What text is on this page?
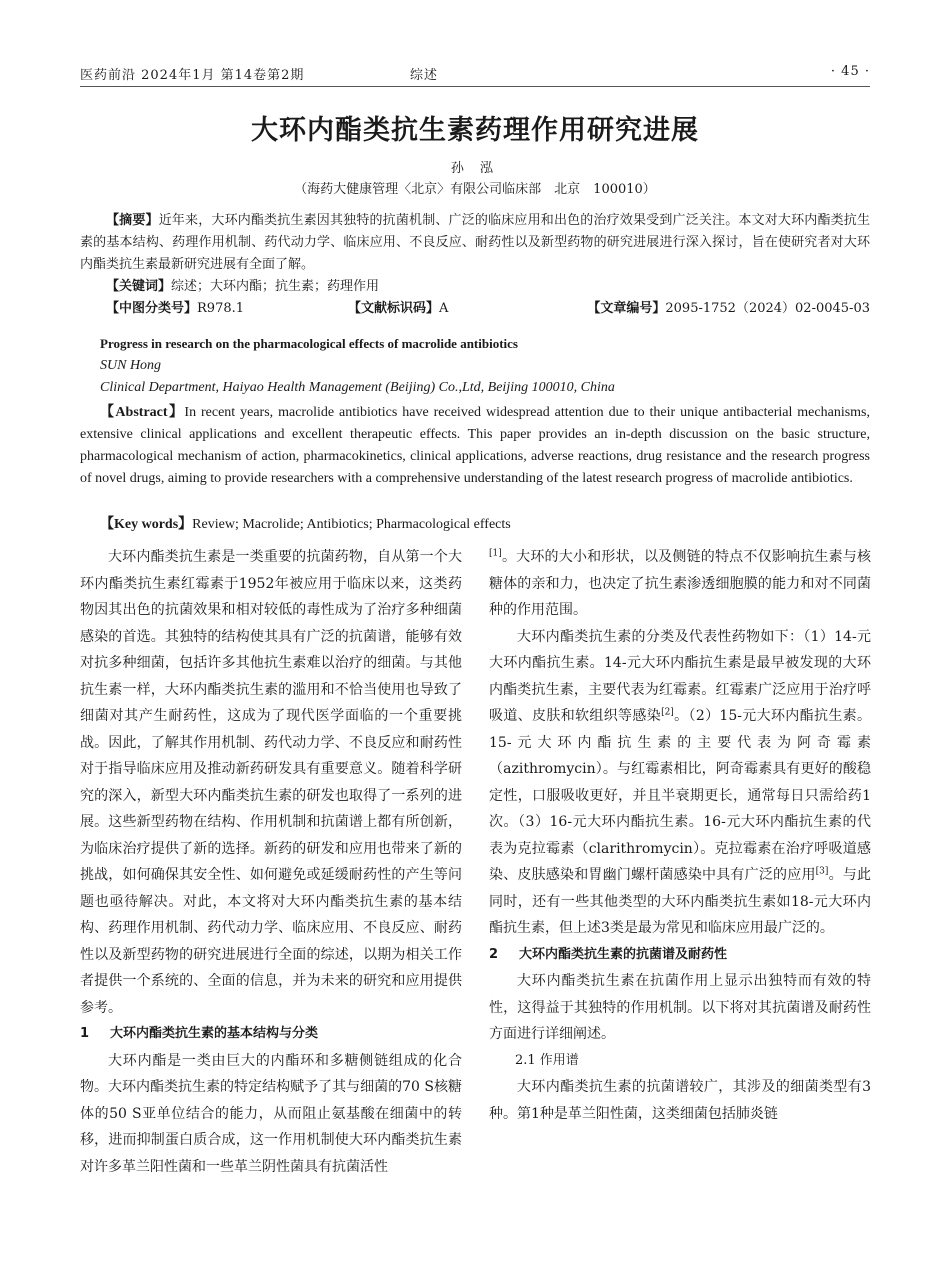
医药前沿 2024年1月 第14卷第2期	综述	· 45 ·
大环内酯类抗生素药理作用研究进展
孙 泓
（海药大健康管理〈北京〉有限公司临床部　北京　100010）
【摘要】近年来，大环内酯类抗生素因其独特的抗菌机制、广泛的临床应用和出色的治疗效果受到广泛关注。本文对大环内酯类抗生素的基本结构、药理作用机制、药代动力学、临床应用、不良反应、耐药性以及新型药物的研究进展进行深入探讨，旨在使研究者对大环内酯类抗生素最新研究进展有全面了解。
【关键词】综述；大环内酯；抗生素；药理作用
【中图分类号】R978.1	【文献标识码】A	【文章编号】2095-1752（2024）02-0045-03
Progress in research on the pharmacological effects of macrolide antibiotics
SUN Hong
Clinical Department, Haiyao Health Management (Beijing) Co.,Ltd, Beijing 100010, China
【Abstract】In recent years, macrolide antibiotics have received widespread attention due to their unique antibacterial mechanisms, extensive clinical applications and excellent therapeutic effects. This paper provides an in-depth discussion on the basic structure, pharmacological mechanism of action, pharmacokinetics, clinical applications, adverse reactions, drug resistance and the research progress of novel drugs, aiming to provide researchers with a comprehensive understanding of the latest research progress of macrolide antibiotics.
【Key words】Review; Macrolide; Antibiotics; Pharmacological effects

大环内酯类抗生素是一类重要的抗菌药物，自从第一个大环内酯类抗生素红霉素于1952年被应用于临床以来，这类药物因其出色的抗菌效果和相对较低的毒性成为了治疗多种细菌感染的首选。其独特的结构使其具有广泛的抗菌谱，能够有效对抗多种细菌，包括许多其他抗生素难以治疗的细菌。与其他抗生素一样，大环内酯类抗生素的滥用和不恰当使用也导致了细菌对其产生耐药性，这成为了现代医学面临的一个重要挑战。因此，了解其作用机制、药代动力学、不良反应和耐药性对于指导临床应用及推动新药研发具有重要意义。随着科学研究的深入，新型大环内酯类抗生素的研发也取得了一系列的进展。这些新型药物在结构、作用机制和抗菌谱上都有所创新，为临床治疗提供了新的选择。新药的研发和应用也带来了新的挑战，如何确保其安全性、如何避免或延缓耐药性的产生等问题也亟待解决。对此，本文将对大环内酯类抗生素的基本结构、药理作用机制、药代动力学、临床应用、不良反应、耐药性以及新型药物的研究进展进行全面的综述，以期为相关工作者提供一个系统的、全面的信息，并为未来的研究和应用提供参考。

1 大环内酯类抗生素的基本结构与分类

大环内酯是一类由巨大的内酯环和多糖侧链组成的化合物。大环内酯类抗生素的特定结构赋予了其与细菌的70 S核糖体的50 S亚单位结合的能力，从而阻止氨基酸在细菌中的转移，进而抑制蛋白质合成，这一作用机制使大环内酯类抗生素对许多革兰阳性菌和一些革兰阴性菌具有抗菌活性

[1]。大环的大小和形状，以及侧链的特点不仅影响抗生素与核糖体的亲和力，也决定了抗生素渗透细胞膜的能力和对不同菌种的作用范围。

大环内酯类抗生素的分类及代表性药物如下：（1）14-元大环内酯抗生素。14-元大环内酯抗生素是最早被发现的大环内酯类抗生素，主要代表为红霉素。红霉素广泛应用于治疗呼吸道、皮肤和软组织等感染[2]。（2）15-元大环内酯抗生素。15-元大环内酯抗生素的主要代表为阿奇霉素（azithromycin）。与红霉素相比，阿奇霉素具有更好的酸稳定性，口服吸收更好，并且半衰期更长，通常每日只需给药1次。（3）16-元大环内酯抗生素。16-元大环内酯抗生素的代表为克拉霉素（clarithromycin）。克拉霉素在治疗呼吸道感染、皮肤感染和胃幽门螺杆菌感染中具有广泛的应用[3]。与此同时，还有一些其他类型的大环内酯类抗生素如18-元大环内酯抗生素，但上述3类是最为常见和临床应用最广泛的。

2 大环内酯类抗生素的抗菌谱及耐药性

大环内酯类抗生素在抗菌作用上显示出独特而有效的特性，这得益于其独特的作用机制。以下将对其抗菌谱及耐药性方面进行详细阐述。

2.1 作用谱

大环内酯类抗生素的抗菌谱较广，其涉及的细菌类型有3种。第1种是革兰阳性菌，这类细菌包括肺炎链
